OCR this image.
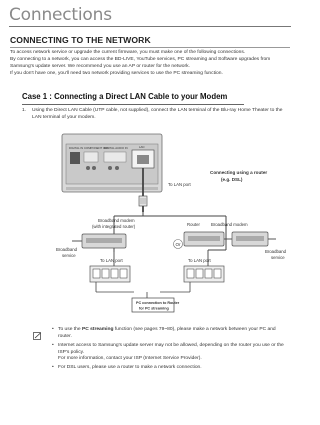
Connections
CONNECTING TO THE NETWORK

To access network service or upgrade the current firmware, you must make one of the following connections.

By connecting to a network, you can access the BD-LIVE, YouTube services, PC streaming and Software upgrades from Samsung's update server. We recommend you use an AP or router for the network.

If you don't have one, you'll need two network providing services to use the PC streaming function.

Case 1 : Connecting a Direct LAN Cable to your Modem
1. Using the Direct LAN Cable (UTP cable, not supplied), connect the LAN terminal of the Blu-ray Home Theater to the LAN terminal of your modem.
DIGITAL IN COMPONENT OUT
DIGITAL AUDIO IN	LAN
To LAN port
Connecting using a router
(e.g. DSL)
Or
Broadband modem
(with integrated router)
Broadband
service
Router	Broadband modem
Broadband
service
To LAN port	To LAN port
PC connection to Router
for PC streaming
• To use the PC streaming function (see pages 79~80), please make a network between your PC and router.
• Internet access to Samsung's update server may not be allowed, depending on the router you use or the ISP's policy.
For more information, contact your ISP (Internet Service Provider).
• For DSL users, please use a router to make a network connection.
